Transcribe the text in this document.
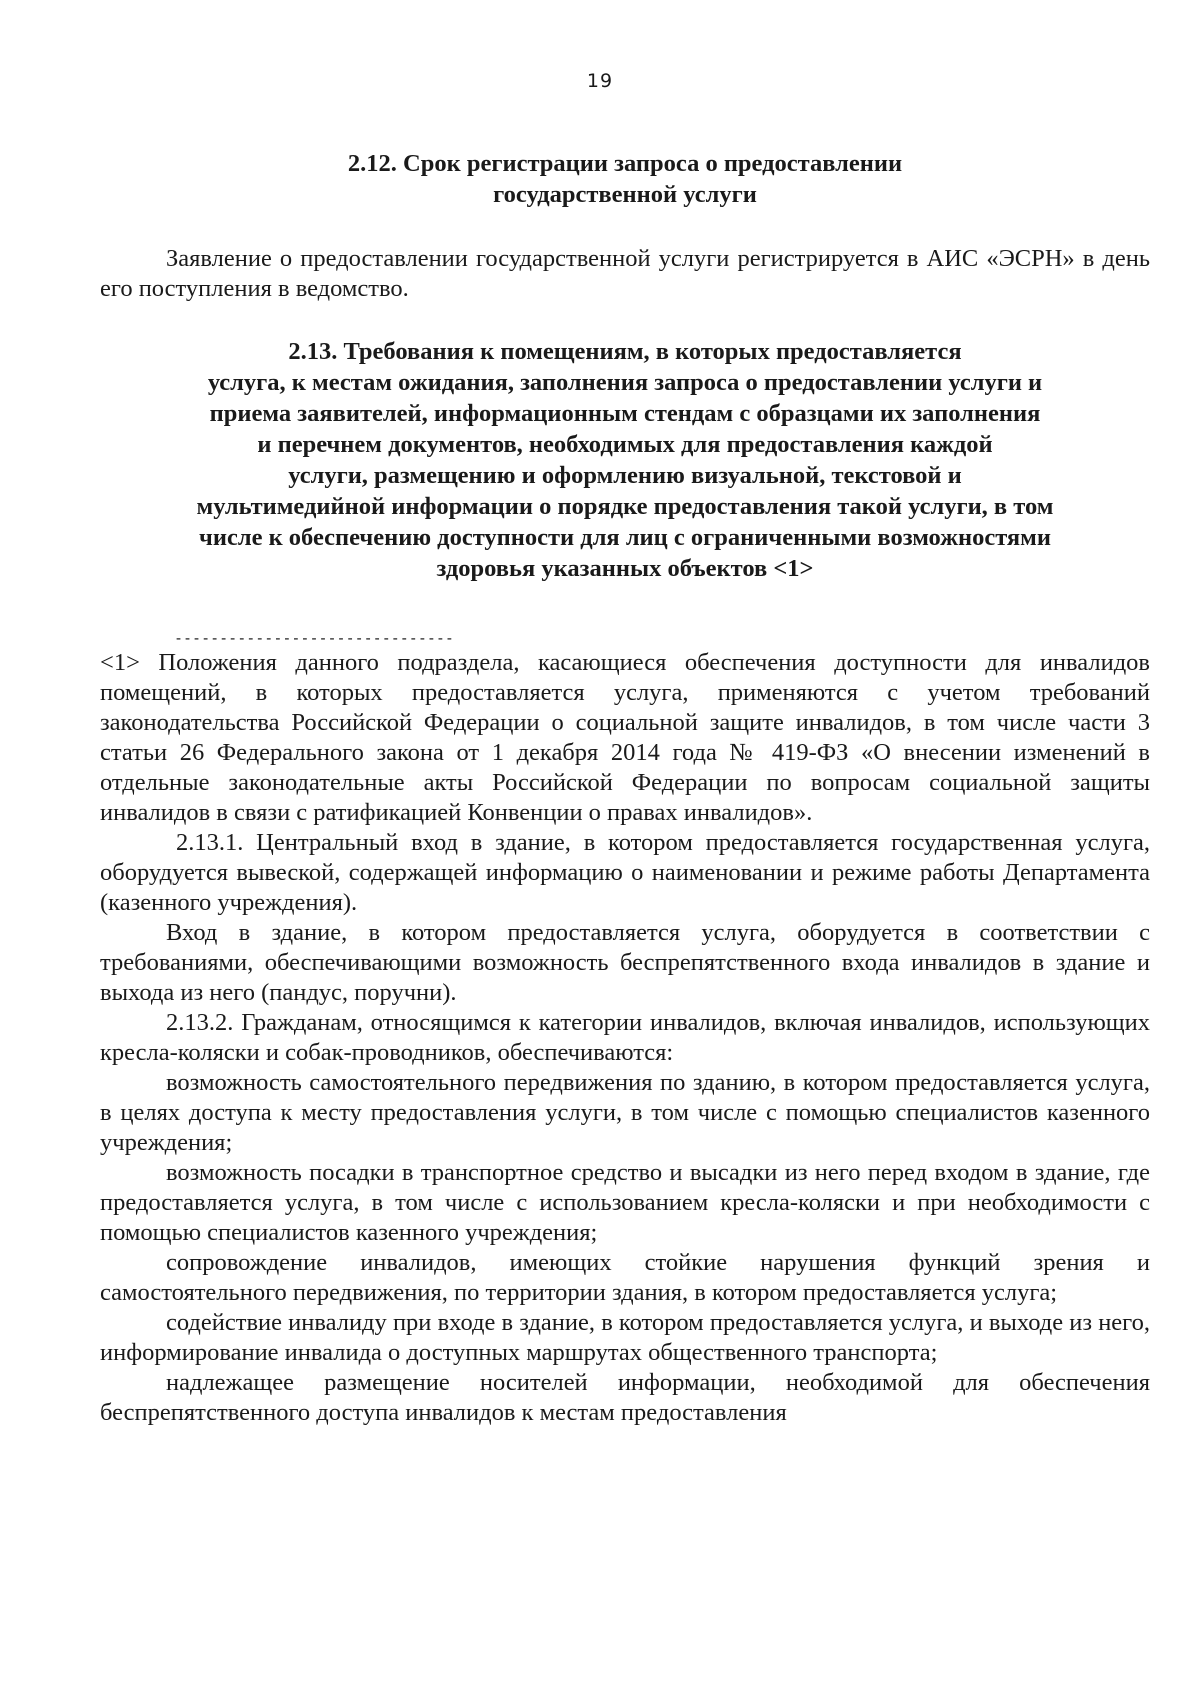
19
2.12. Срок регистрации запроса о предоставлении
государственной услуги

Заявление о предоставлении государственной услуги регистрируется в АИС «ЭСРН» в день его поступления в ведомство.

2.13. Требования к помещениям, в которых предоставляется
услуга, к местам ожидания, заполнения запроса о предоставлении услуги и
приема заявителей, информационным стендам с образцами их заполнения
и перечнем документов, необходимых для предоставления каждой
услуги, размещению и оформлению визуальной, текстовой и
мультимедийной информации о порядке предоставления такой услуги, в том
числе к обеспечению доступности для лиц с ограниченными возможностями
здоровья указанных объектов <1>
-------------------------------

<1> Положения данного подраздела, касающиеся обеспечения доступности для инвалидов помещений, в которых предоставляется услуга, применяются с учетом требований законодательства Российской Федерации о социальной защите инвалидов, в том числе части 3 статьи 26 Федерального закона от 1 декабря 2014 года № 419-ФЗ «О внесении изменений в отдельные законодательные акты Российской Федерации по вопросам социальной защиты инвалидов в связи с ратификацией Конвенции о правах инвалидов».

2.13.1. Центральный вход в здание, в котором предоставляется государственная услуга, оборудуется вывеской, содержащей информацию о наименовании и режиме работы Департамента (казенного учреждения).

Вход в здание, в котором предоставляется услуга, оборудуется в соответствии с требованиями, обеспечивающими возможность беспрепятственного входа инвалидов в здание и выхода из него (пандус, поручни).

2.13.2. Гражданам, относящимся к категории инвалидов, включая инвалидов, использующих кресла-коляски и собак-проводников, обеспечиваются:

возможность самостоятельного передвижения по зданию, в котором предоставляется услуга, в целях доступа к месту предоставления услуги, в том числе с помощью специалистов казенного учреждения;

возможность посадки в транспортное средство и высадки из него перед входом в здание, где предоставляется услуга, в том числе с использованием кресла-коляски и при необходимости с помощью специалистов казенного учреждения;

сопровождение инвалидов, имеющих стойкие нарушения функций зрения и самостоятельного передвижения, по территории здания, в котором предоставляется услуга;

содействие инвалиду при входе в здание, в котором предоставляется услуга, и выходе из него, информирование инвалида о доступных маршрутах общественного транспорта;

надлежащее размещение носителей информации, необходимой для обеспечения беспрепятственного доступа инвалидов к местам предоставления
